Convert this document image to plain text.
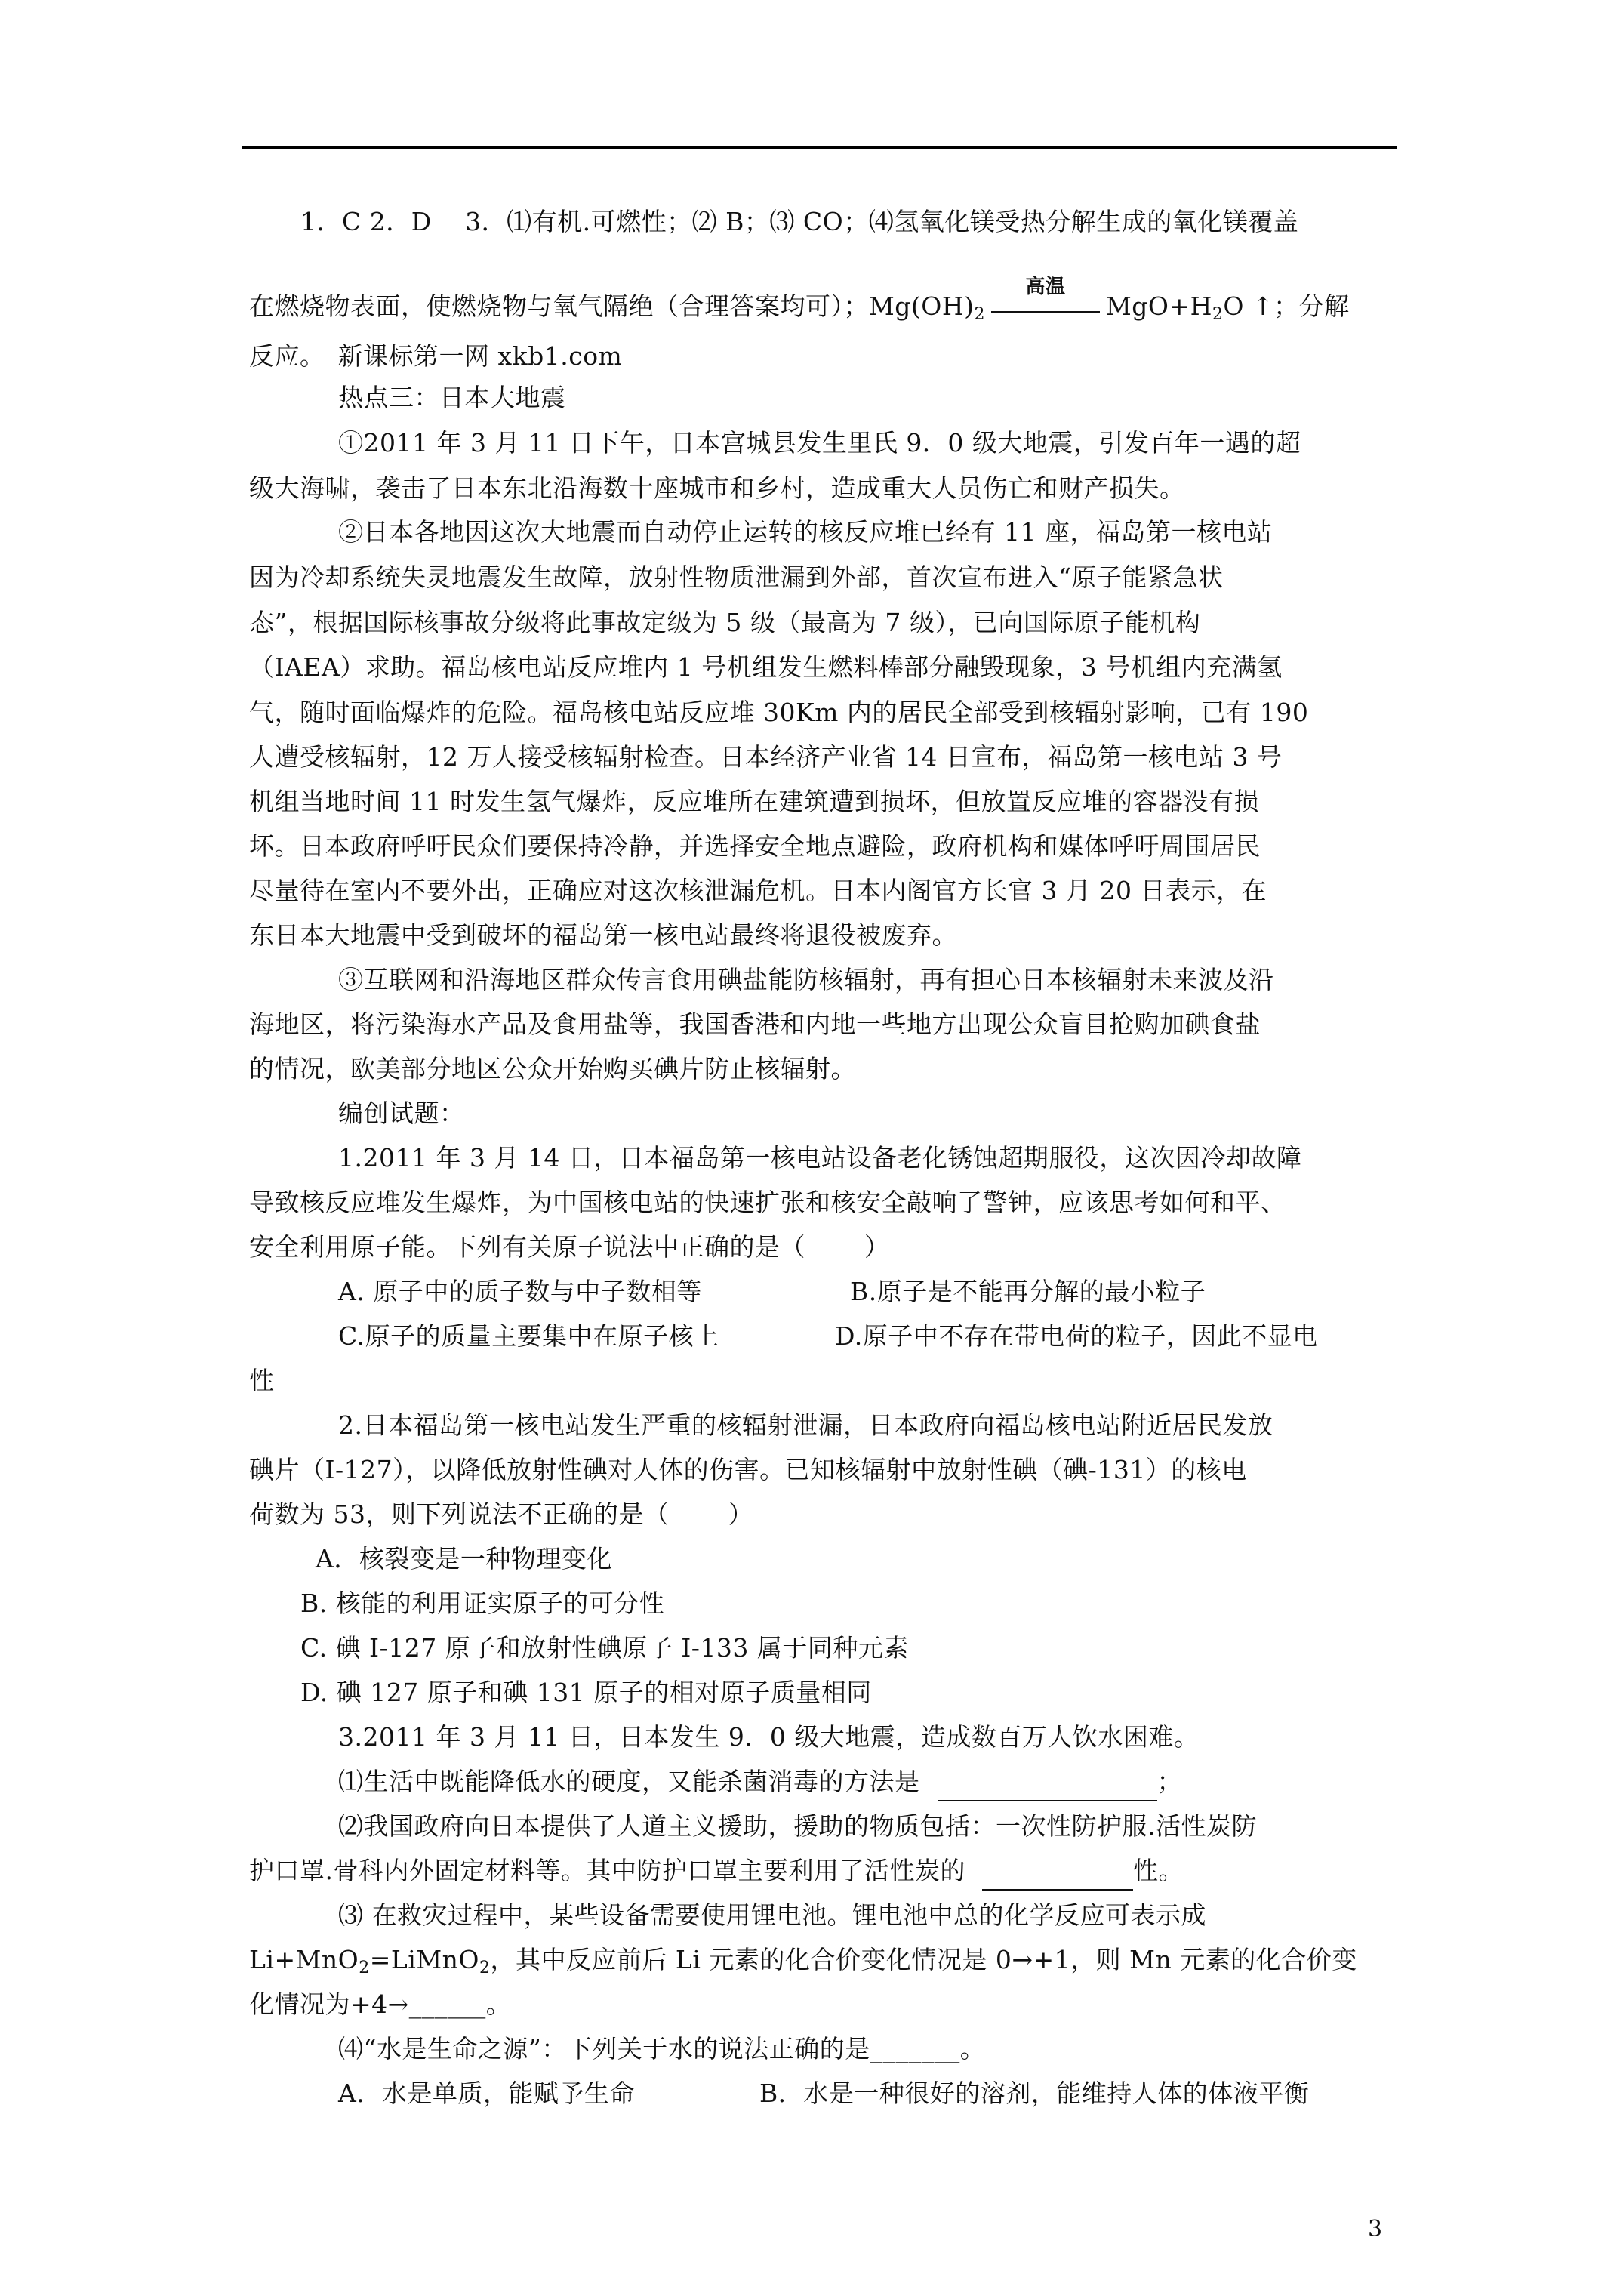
1．C 2．D　 3．⑴有机.可燃性；⑵ B；⑶ CO；⑷氢氧化镁受热分解生成的氧化镁覆盖
在燃烧物表面，使燃烧物与氧气隔绝（合理答案均可）；$Mg(OH)_2$
高温
$MgO+H_2O$ ↑；分解
反应。　新课标第一网 xkb1.com
热点三：日本大地震
①2011 年 3 月 11 日下午，日本宫城县发生里氏 9．0 级大地震，引发百年一遇的超
级大海啸，袭击了日本东北沿海数十座城市和乡村，造成重大人员伤亡和财产损失。
②日本各地因这次大地震而自动停止运转的核反应堆已经有 11 座，福岛第一核电站
因为冷却系统失灵地震发生故障，放射性物质泄漏到外部，首次宣布进入“原子能紧急状
态”，根据国际核事故分级将此事故定级为 5 级（最高为 7 级），已向国际原子能机构
（IAEA）求助。福岛核电站反应堆内 1 号机组发生燃料棒部分融毁现象，3 号机组内充满氢
气，随时面临爆炸的危险。福岛核电站反应堆 30Km 内的居民全部受到核辐射影响，已有 190
人遭受核辐射，12 万人接受核辐射检查。日本经济产业省 14 日宣布，福岛第一核电站 3 号
机组当地时间 11 时发生氢气爆炸，反应堆所在建筑遭到损坏，但放置反应堆的容器没有损
坏。日本政府呼吁民众们要保持冷静，并选择安全地点避险，政府机构和媒体呼吁周围居民
尽量待在室内不要外出，正确应对这次核泄漏危机。日本内阁官方长官 3 月 20 日表示，在
东日本大地震中受到破坏的福岛第一核电站最终将退役被废弃。
③互联网和沿海地区群众传言食用碘盐能防核辐射，再有担心日本核辐射未来波及沿
海地区，将污染海水产品及食用盐等，我国香港和内地一些地方出现公众盲目抢购加碘食盐
的情况，欧美部分地区公众开始购买碘片防止核辐射。
编创试题：
1.2011 年 3 月 14 日，日本福岛第一核电站设备老化锈蚀超期服役，这次因冷却故障
导致核反应堆发生爆炸，为中国核电站的快速扩张和核安全敲响了警钟，应该思考如何和平、
安全利用原子能。下列有关原子说法中正确的是（　　 ）
A. 原子中的质子数与中子数相等	B.原子是不能再分解的最小粒子
C.原子的质量主要集中在原子核上	D.原子中不存在带电荷的粒子，因此不显电
性
2.日本福岛第一核电站发生严重的核辐射泄漏，日本政府向福岛核电站附近居民发放
碘片（I-127），以降低放射性碘对人体的伤害。已知核辐射中放射性碘（碘-131）的核电
荷数为 53，则下列说法不正确的是（　　 ）
A．核裂变是一种物理变化
B. 核能的利用证实原子的可分性
C. 碘 I-127 原子和放射性碘原子 I-133 属于同种元素
D. 碘 127 原子和碘 131 原子的相对原子质量相同
3.2011 年 3 月 11 日，日本发生 9．0 级大地震，造成数百万人饮水困难。
⑴生活中既能降低水的硬度，又能杀菌消毒的方法是	；
⑵我国政府向日本提供了人道主义援助，援助的物质包括：一次性防护服.活性炭防
护口罩.骨科内外固定材料等。其中防护口罩主要利用了活性炭的	性。
⑶ 在救灾过程中，某些设备需要使用锂电池。锂电池中总的化学反应可表示成
Li+MnO$_2$=LiMnO$_2$，其中反应前后 Li 元素的化合价变化情况是 0→+1，则 Mn 元素的化合价变
化情况为+4→______。
⑷“水是生命之源”：下列关于水的说法正确的是_______。
A．水是单质，能赋予生命	B．水是一种很好的溶剂，能维持人体的体液平衡
3
